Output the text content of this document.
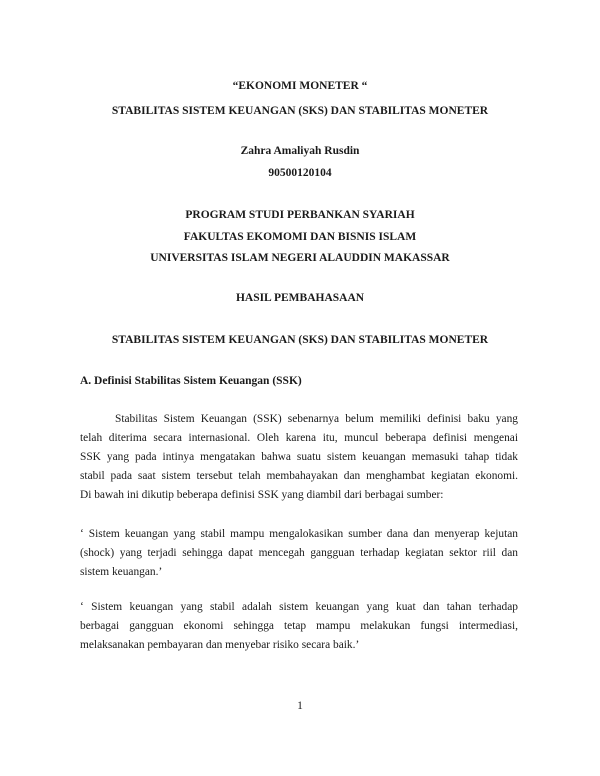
“EKONOMI MONETER “
STABILITAS SISTEM KEUANGAN (SKS) DAN STABILITAS MONETER
Zahra Amaliyah Rusdin
90500120104
PROGRAM STUDI PERBANKAN SYARIAH
FAKULTAS EKOMOMI DAN BISNIS ISLAM
UNIVERSITAS ISLAM NEGERI ALAUDDIN MAKASSAR
HASIL PEMBAHASAAN
STABILITAS SISTEM KEUANGAN (SKS) DAN STABILITAS MONETER
A. Definisi Stabilitas Sistem Keuangan (SSK)
Stabilitas Sistem Keuangan (SSK) sebenarnya belum memiliki definisi baku yang
telah diterima secara internasional. Oleh karena itu, muncul beberapa definisi mengenai
SSK yang pada intinya mengatakan bahwa suatu sistem keuangan memasuki tahap tidak
stabil pada saat sistem tersebut telah membahayakan dan menghambat kegiatan ekonomi.
Di bawah ini dikutip beberapa definisi SSK yang diambil dari berbagai sumber:
‘ Sistem keuangan yang stabil mampu mengalokasikan sumber dana dan menyerap kejutan
(shock) yang terjadi sehingga dapat mencegah gangguan terhadap kegiatan sektor riil dan
sistem keuangan.’
‘ Sistem keuangan yang stabil adalah sistem keuangan yang kuat dan tahan terhadap
berbagai gangguan ekonomi sehingga tetap mampu melakukan fungsi intermediasi,
melaksanakan pembayaran dan menyebar risiko secara baik.’
1
